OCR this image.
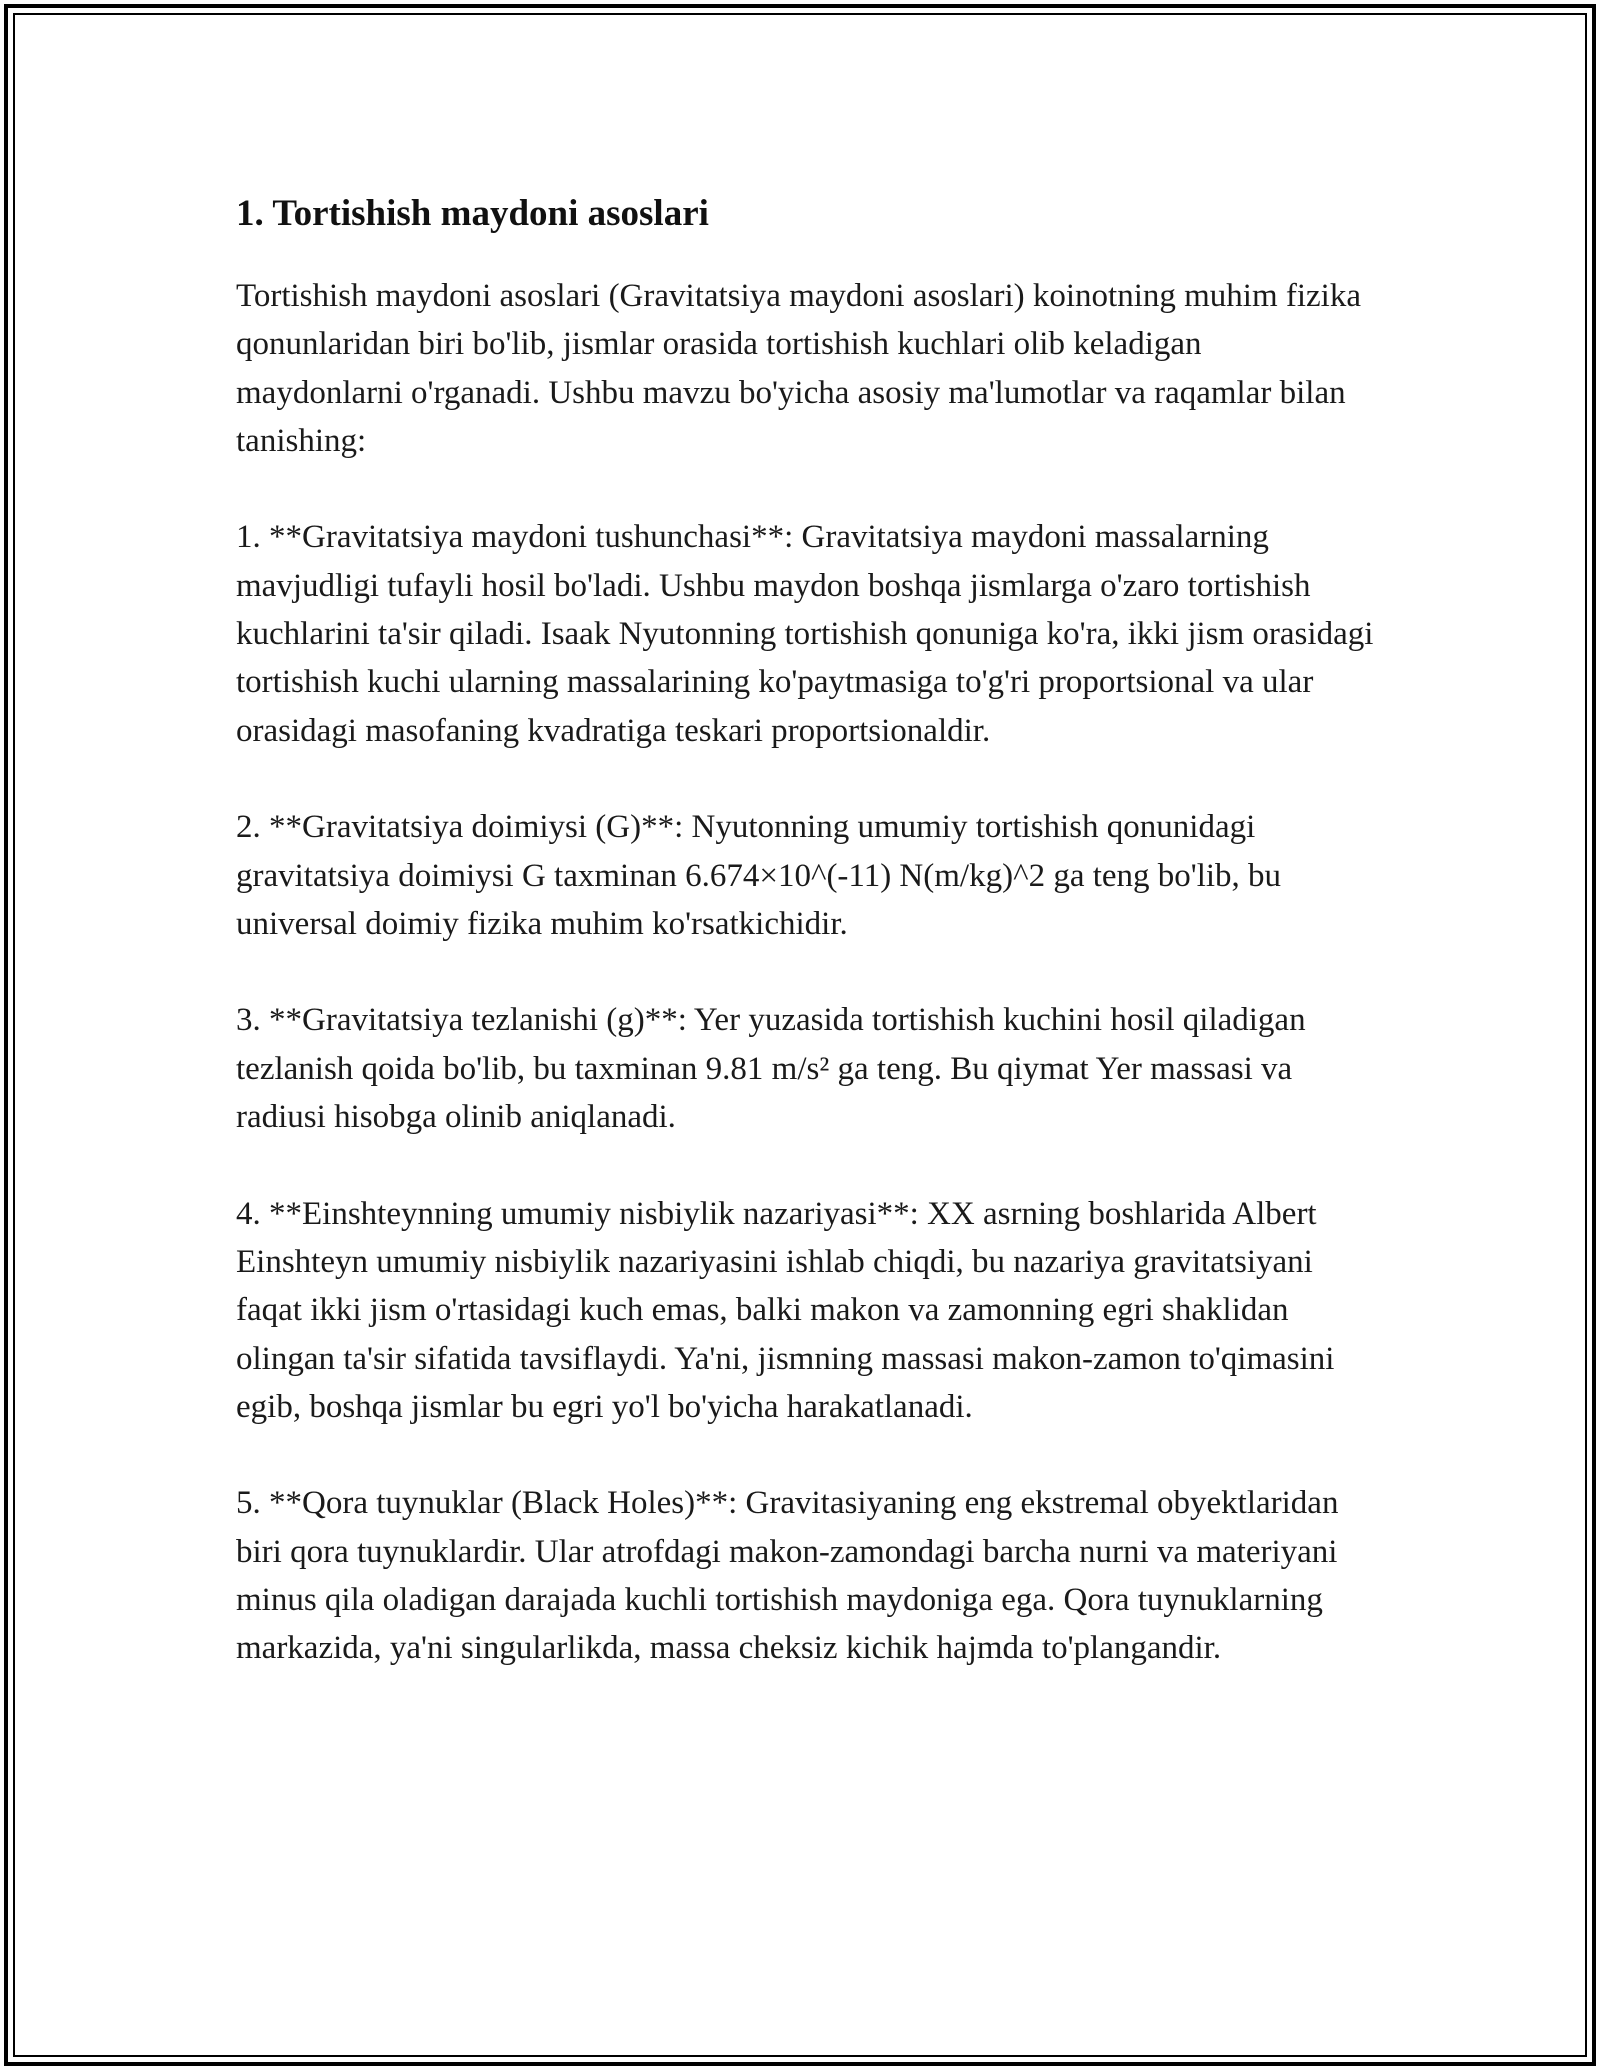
1. Tortishish maydoni asoslari

Tortishish maydoni asoslari (Gravitatsiya maydoni asoslari) koinotning muhim fizika qonunlaridan biri bo'lib, jismlar orasida tortishish kuchlari olib keladigan maydonlarni o'rganadi. Ushbu mavzu bo'yicha asosiy ma'lumotlar va raqamlar bilan tanishing:

1. **Gravitatsiya maydoni tushunchasi**: Gravitatsiya maydoni massalarning mavjudligi tufayli hosil bo'ladi. Ushbu maydon boshqa jismlarga o'zaro tortishish kuchlarini ta'sir qiladi. Isaak Nyutonning tortishish qonuniga ko'ra, ikki jism orasidagi tortishish kuchi ularning massalarining ko'paytmasiga to'g'ri proportsional va ular orasidagi masofaning kvadratiga teskari proportsionaldir.

2. **Gravitatsiya doimiysi (G)**: Nyutonning umumiy tortishish qonunidagi gravitatsiya doimiysi G taxminan 6.674×10^(-11) N(m/kg)^2 ga teng bo'lib, bu universal doimiy fizika muhim ko'rsatkichidir.

3. **Gravitatsiya tezlanishi (g)**: Yer yuzasida tortishish kuchini hosil qiladigan tezlanish qoida bo'lib, bu taxminan 9.81 m/s² ga teng. Bu qiymat Yer massasi va radiusi hisobga olinib aniqlanadi.

4. **Einshteynning umumiy nisbiylik nazariyasi**: XX asrning boshlarida Albert Einshteyn umumiy nisbiylik nazariyasini ishlab chiqdi, bu nazariya gravitatsiyani faqat ikki jism o'rtasidagi kuch emas, balki makon va zamonning egri shaklidan olingan ta'sir sifatida tavsiflaydi. Ya'ni, jismning massasi makon-zamon to'qimasini egib, boshqa jismlar bu egri yo'l bo'yicha harakatlanadi.

5. **Qora tuynuklar (Black Holes)**: Gravitasiyaning eng ekstremal obyektlaridan biri qora tuynuklardir. Ular atrofdagi makon-zamondagi barcha nurni va materiyani minus qila oladigan darajada kuchli tortishish maydoniga ega. Qora tuynuklarning markazida, ya'ni singularlikda, massa cheksiz kichik hajmda to'plangandir.
